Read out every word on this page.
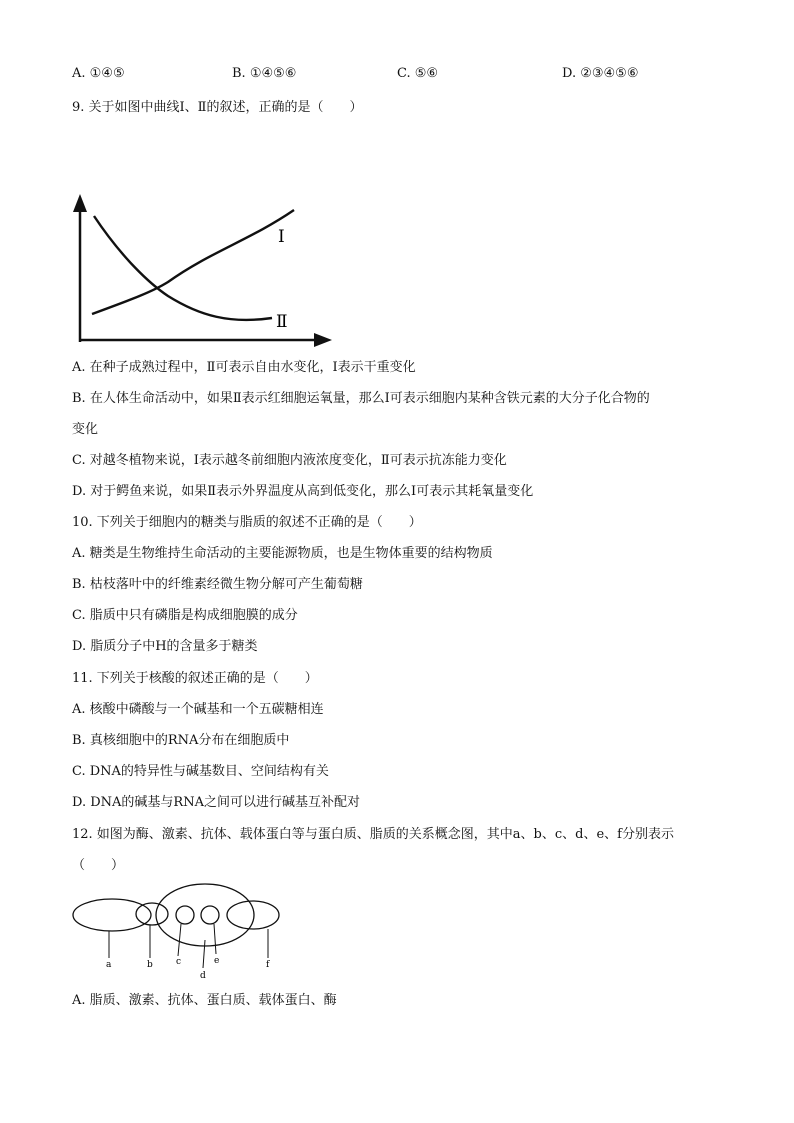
A. ①④⑤	B. ①④⑤⑥	C. ⑤⑥	D. ②③④⑤⑥
9. 关于如图中曲线Ⅰ、Ⅱ的叙述，正确的是（　　）
Ⅰ
Ⅱ
A. 在种子成熟过程中，Ⅱ可表示自由水变化，Ⅰ表示干重变化
B. 在人体生命活动中，如果Ⅱ表示红细胞运氧量，那么Ⅰ可表示细胞内某种含铁元素的大分子化合物的
变化
C. 对越冬植物来说，Ⅰ表示越冬前细胞内液浓度变化，Ⅱ可表示抗冻能力变化
D. 对于鳄鱼来说，如果Ⅱ表示外界温度从高到低变化，那么Ⅰ可表示其耗氧量变化
10. 下列关于细胞内的糖类与脂质的叙述不正确的是（　　）
A. 糖类是生物维持生命活动的主要能源物质，也是生物体重要的结构物质
B. 枯枝落叶中的纤维素经微生物分解可产生葡萄糖
C. 脂质中只有磷脂是构成细胞膜的成分
D. 脂质分子中H的含量多于糖类
11. 下列关于核酸的叙述正确的是（　　）
A. 核酸中磷酸与一个碱基和一个五碳糖相连
B. 真核细胞中的RNA分布在细胞质中
C. DNA的特异性与碱基数目、空间结构有关
D. DNA的碱基与RNA之间可以进行碱基互补配对
12. 如图为酶、激素、抗体、载体蛋白等与蛋白质、脂质的关系概念图，其中a、b、c、d、e、f分别表示
（　　）
a	b	c
d
e	f
A. 脂质、激素、抗体、蛋白质、载体蛋白、酶
